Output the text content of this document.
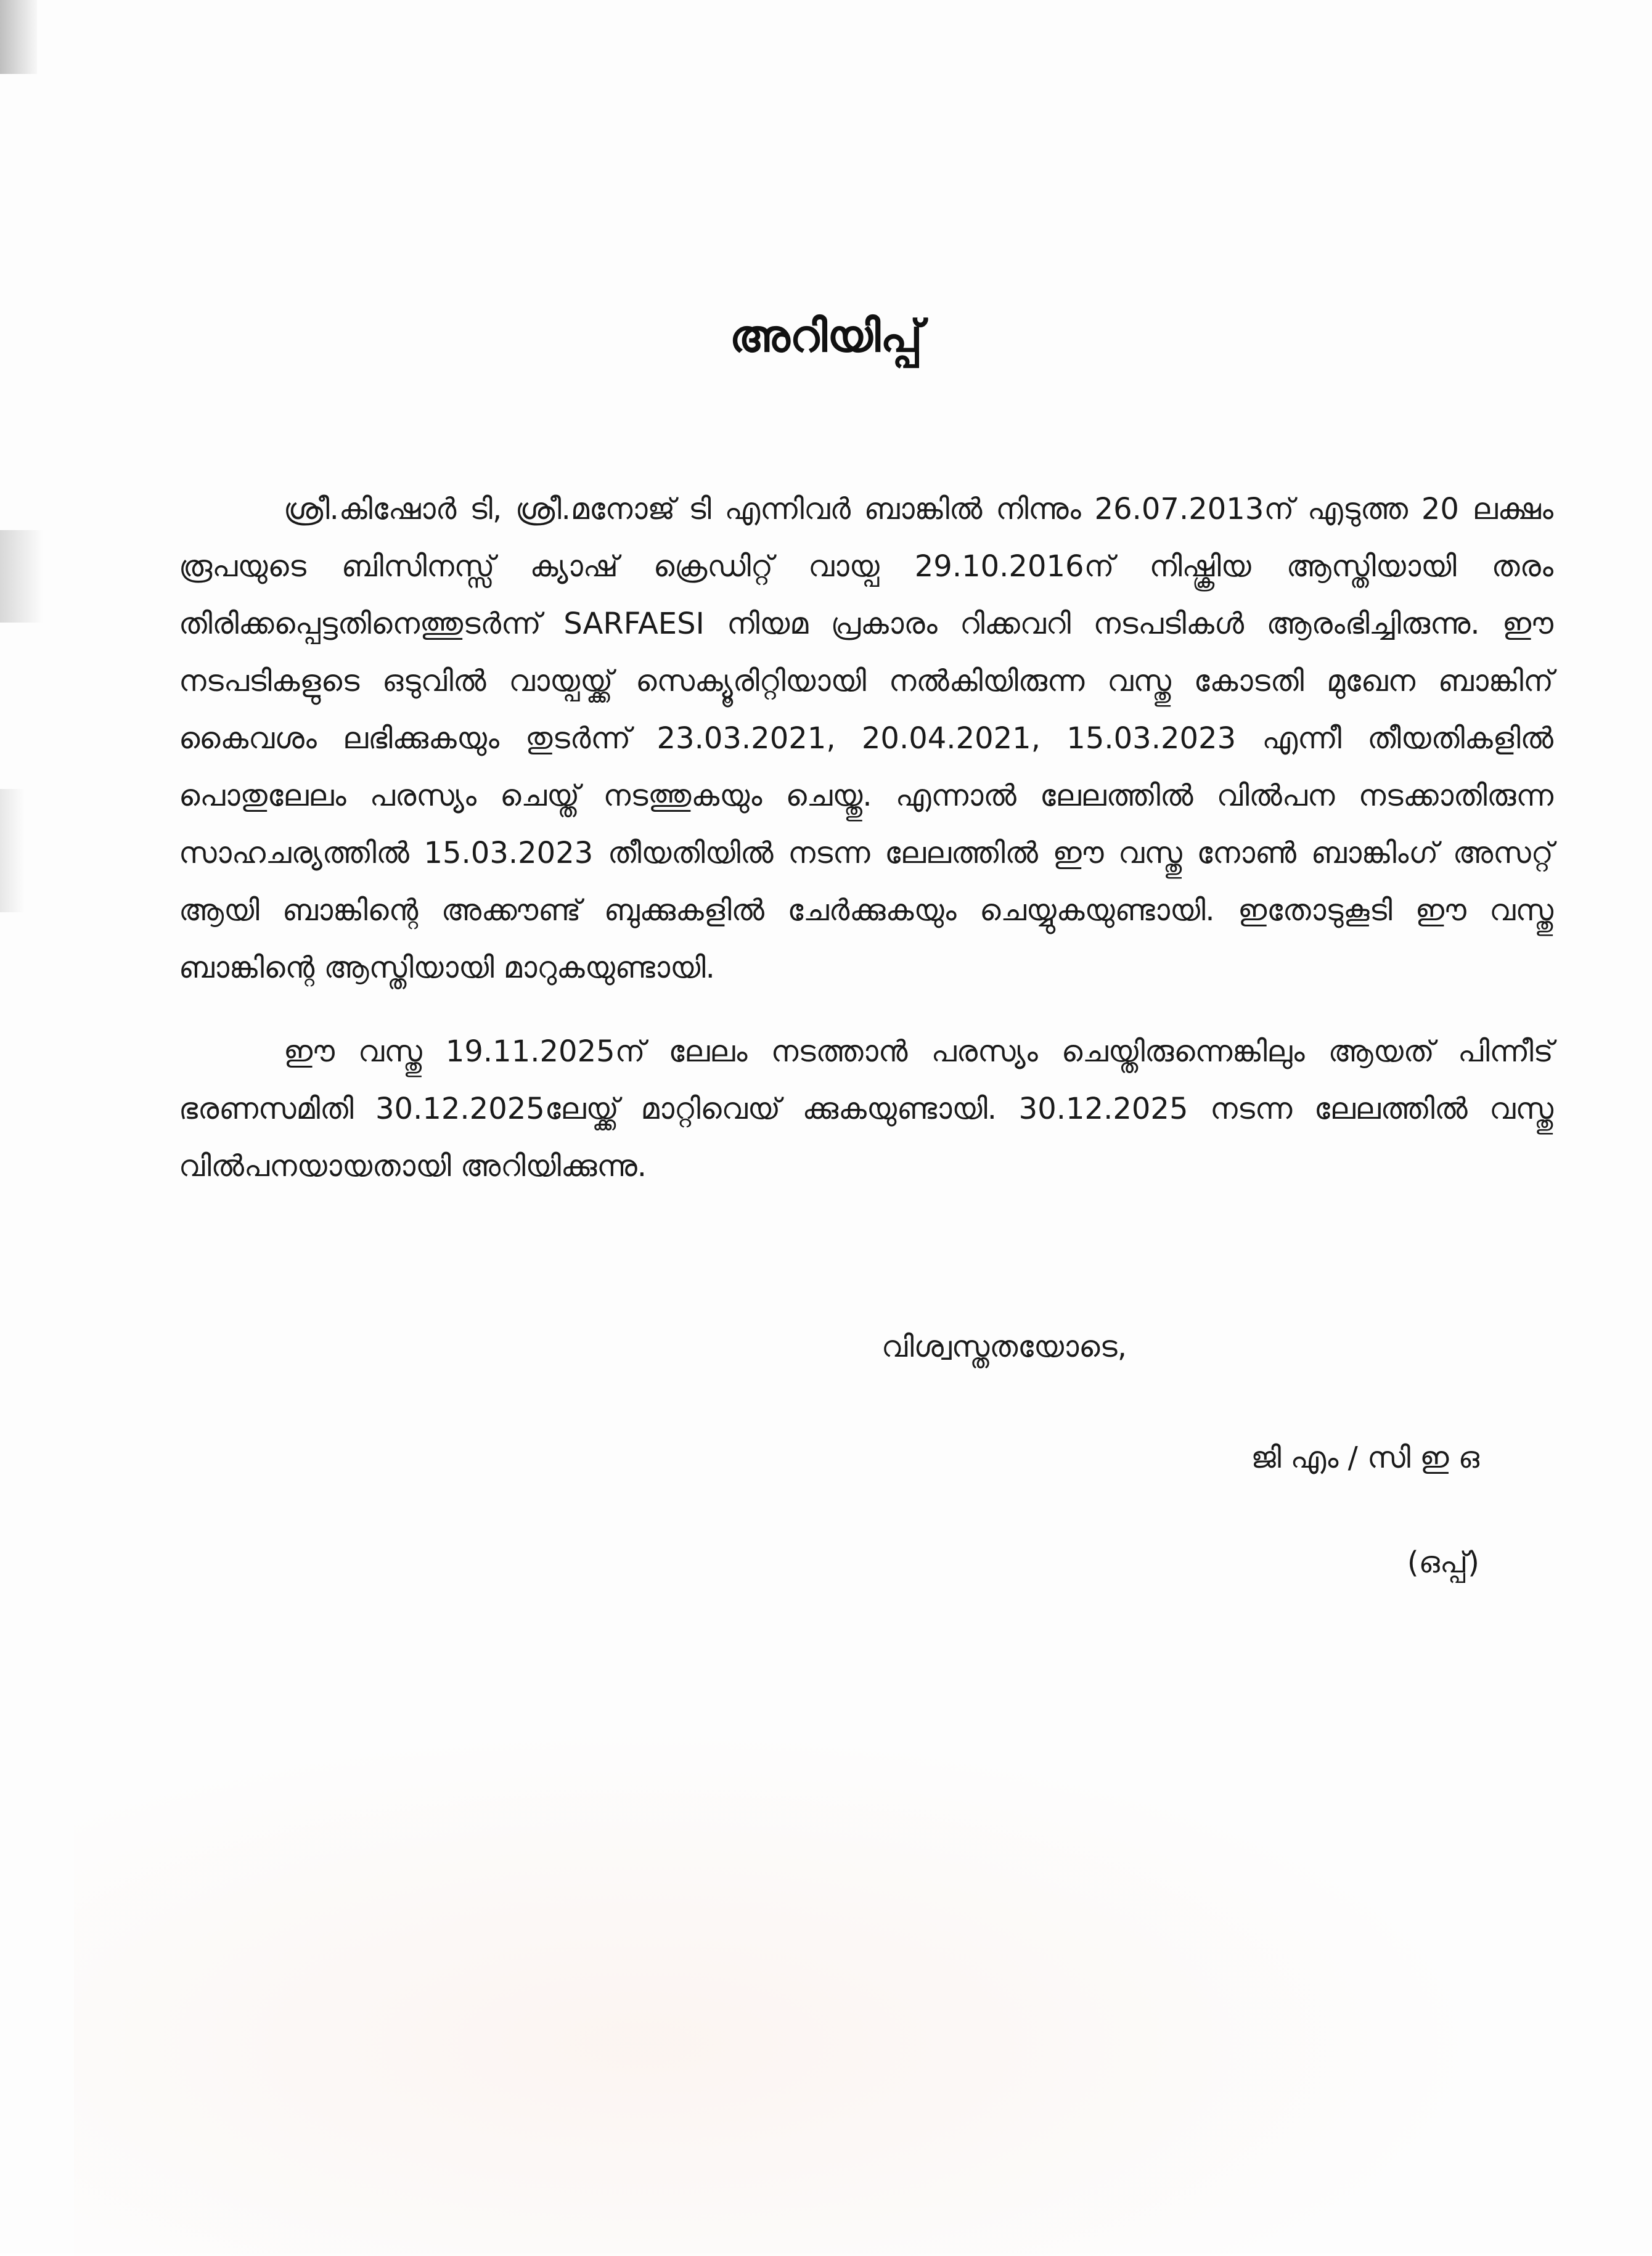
അറിയിപ്പ്

ശ്രീ.കിഷോർ ടി, ശ്രീ.മനോജ് ടി എന്നിവർ ബാങ്കിൽ നിന്നും 26.07.2013ന് എടുത്ത 20 ലക്ഷം രൂപയുടെ ബിസിനസ്സ് ക്യാഷ് ക്രെഡിറ്റ് വായ്പ 29.10.2016ന് നിഷ്ക്രിയ ആസ്തിയായി തരം തിരിക്കപ്പെട്ടതിനെത്തുടർന്ന് SARFAESI നിയമ പ്രകാരം റിക്കവറി നടപടികൾ ആരംഭിച്ചിരുന്നു. ഈ നടപടികളുടെ ഒടുവിൽ വായ്പയ്ക്ക് സെക്യൂരിറ്റിയായി നൽകിയിരുന്ന വസ്തു കോടതി മുഖേന ബാങ്കിന് കൈവശം ലഭിക്കുകയും തുടർന്ന് 23.03.2021, 20.04.2021, 15.03.2023 എന്നീ തീയതികളിൽ പൊതുലേലം പരസ്യം ചെയ്ത് നടത്തുകയും ചെയ്തു. എന്നാൽ ലേലത്തിൽ വിൽപന നടക്കാതിരുന്ന സാഹചര്യത്തിൽ 15.03.2023 തീയതിയിൽ നടന്ന ലേലത്തിൽ ഈ വസ്തു നോൺ ബാങ്കിംഗ് അസറ്റ് ആയി ബാങ്കിന്റെ അക്കൗണ്ട് ബുക്കുകളിൽ ചേർക്കുകയും ചെയ്യുകയുണ്ടായി. ഇതോടുകൂടി ഈ വസ്തു ബാങ്കിന്റെ ആസ്തിയായി മാറുകയുണ്ടായി.

ഈ വസ്തു 19.11.2025ന് ലേലം നടത്താൻ പരസ്യം ചെയ്തിരുന്നെങ്കിലും ആയത് പിന്നീട് ഭരണസമിതി 30.12.2025ലേയ്ക്ക് മാറ്റിവെയ് ക്കുകയുണ്ടായി. 30.12.2025 നടന്ന ലേലത്തിൽ വസ്തു വിൽപനയായതായി അറിയിക്കുന്നു.

വിശ്വസ്തതയോടെ,

ജി എം / സി ഇ ഒ

(ഒപ്പ്)
